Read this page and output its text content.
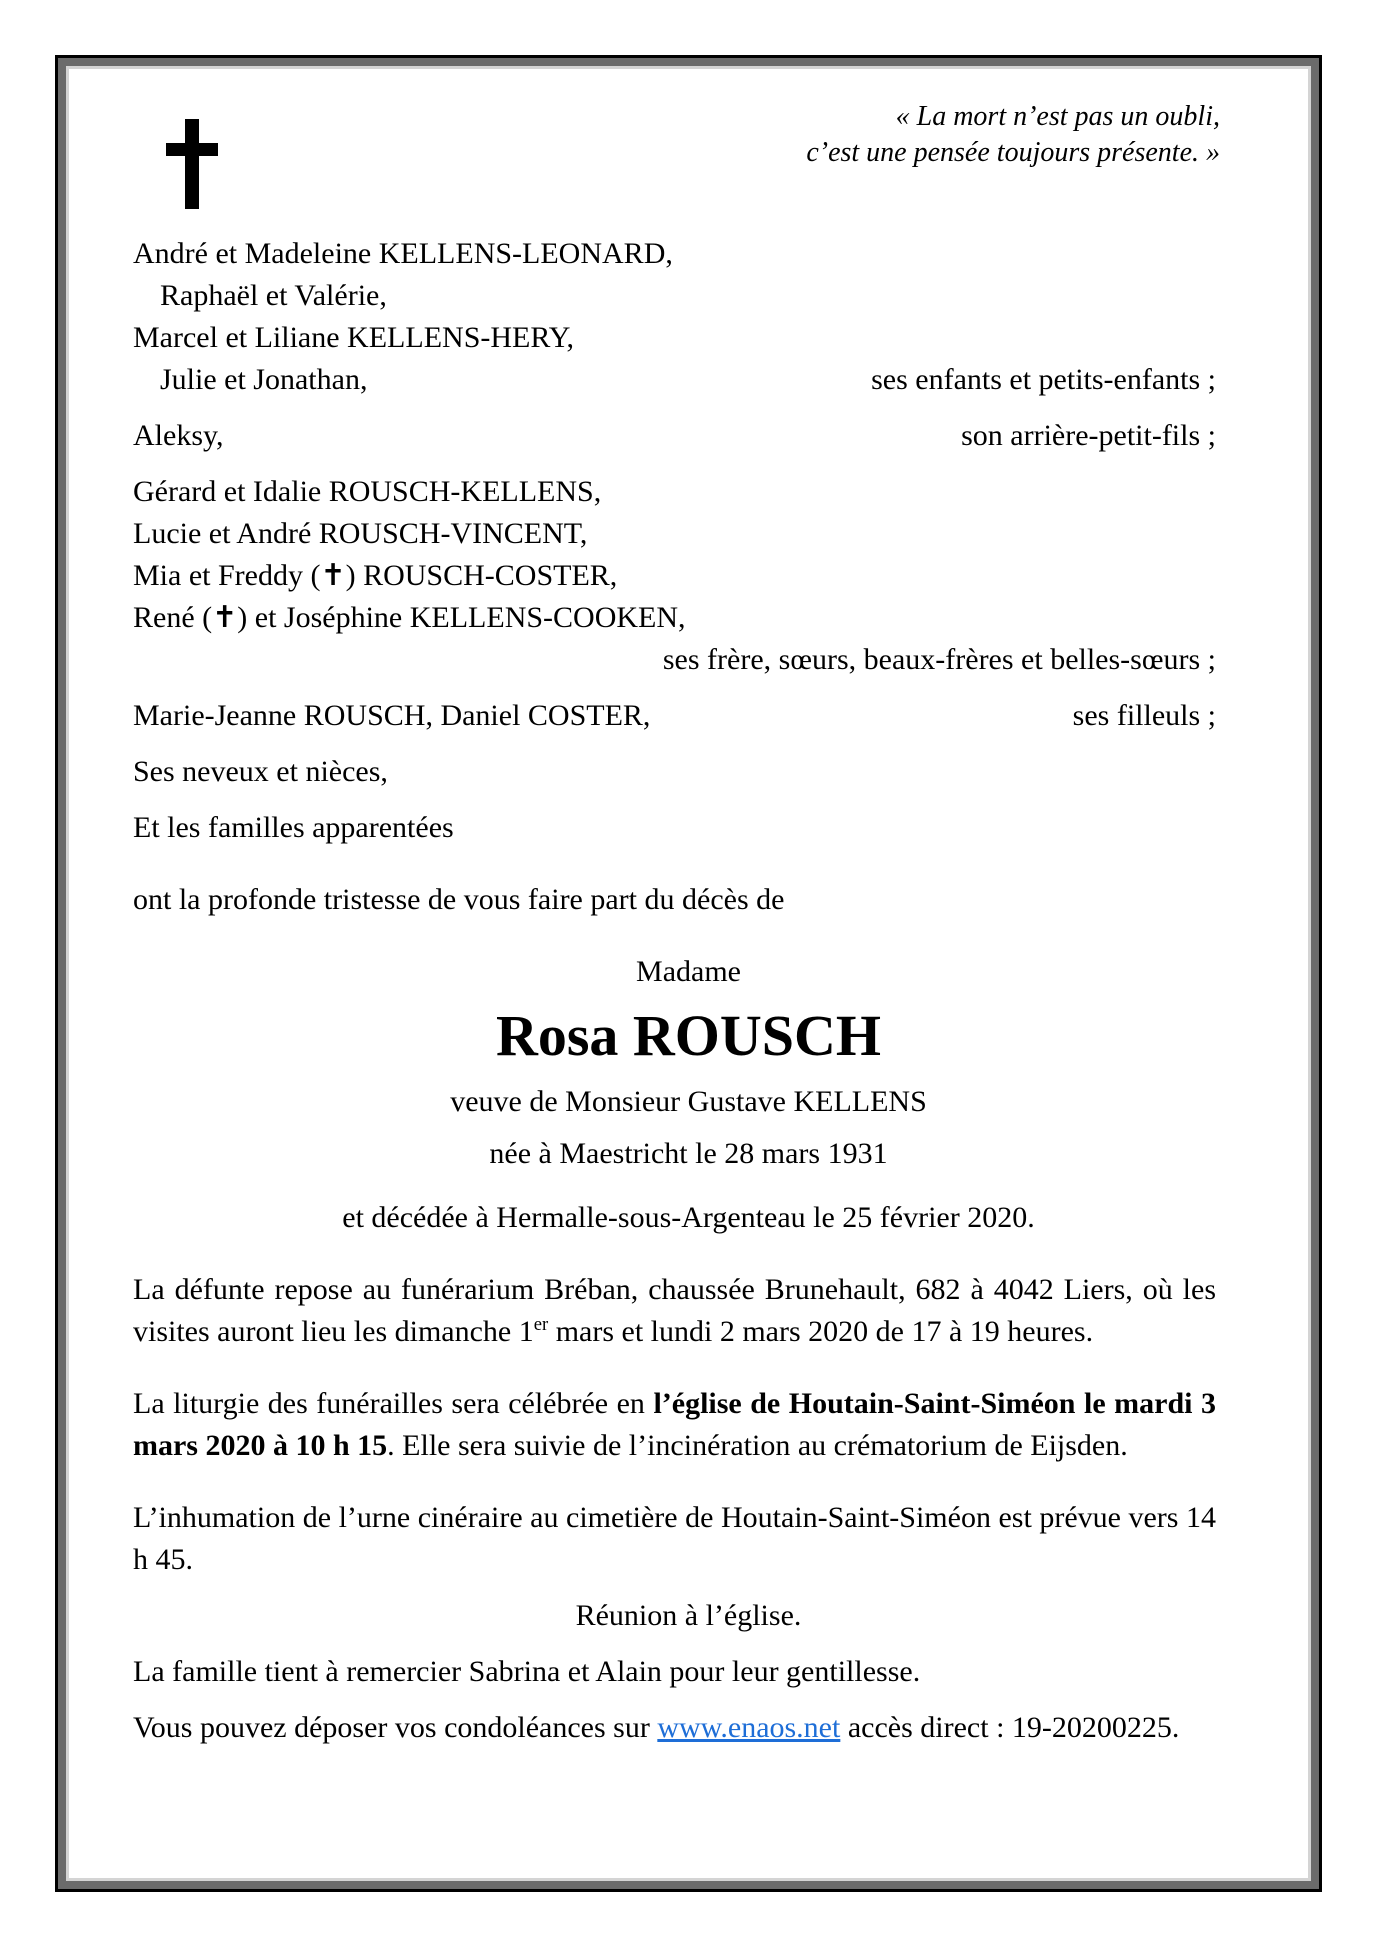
« La mort n’est pas un oubli,
c’est une pensée toujours présente. »
André et Madeleine KELLENS-LEONARD,
Raphaël et Valérie,
Marcel et Liliane KELLENS-HERY,
Julie et Jonathan,	ses enfants et petits-enfants ;
Aleksy,	son arrière-petit-fils ;
Gérard et Idalie ROUSCH-KELLENS,
Lucie et André ROUSCH-VINCENT,
Mia et Freddy (✝) ROUSCH-COSTER,
René (✝) et Joséphine KELLENS-COOKEN,
ses frère, sœurs, beaux-frères et belles-sœurs ;
Marie-Jeanne ROUSCH, Daniel COSTER,	ses filleuls ;
Ses neveux et nièces,
Et les familles apparentées
ont la profonde tristesse de vous faire part du décès de
Madame
Rosa ROUSCH
veuve de Monsieur Gustave KELLENS
née à Maestricht le 28 mars 1931
et décédée à Hermalle-sous-Argenteau le 25 février 2020.

La défunte repose au funérarium Bréban, chaussée Brunehault, 682 à 4042 Liers, où les visites auront lieu les dimanche 1er mars et lundi 2 mars 2020 de 17 à 19 heures.

La liturgie des funérailles sera célébrée en l’église de Houtain-Saint-Siméon le mardi 3 mars 2020 à 10 h 15. Elle sera suivie de l’incinération au crématorium de Eijsden.

L’inhumation de l’urne cinéraire au cimetière de Houtain-Saint-Siméon est prévue vers 14 h 45.

Réunion à l’église.
La famille tient à remercier Sabrina et Alain pour leur gentillesse.
Vous pouvez déposer vos condoléances sur www.enaos.net accès direct : 19-20200225.
